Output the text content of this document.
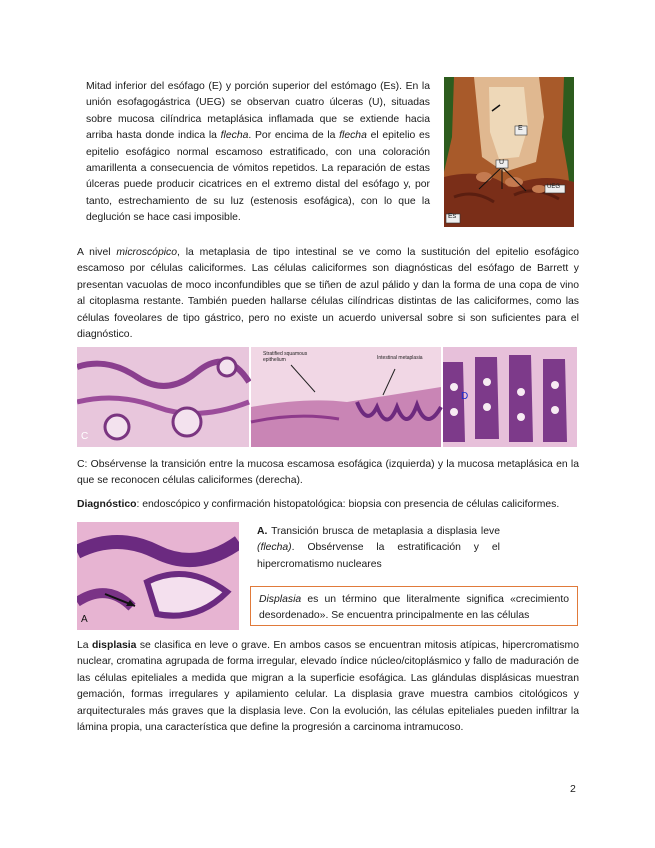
Mitad inferior del esófago (E) y porción superior del estómago (Es). En la unión esofagogástrica (UEG) se observan cuatro úlceras (U), situadas sobre mucosa cilíndrica metaplásica inflamada que se extiende hacia arriba hasta donde indica la flecha. Por encima de la flecha el epitelio es epitelio esofágico normal escamoso estratificado, con una coloración amarillenta a consecuencia de vómitos repetidos. La reparación de estas úlceras puede producir cicatrices en el extremo distal del esófago y, por tanto, estrechamiento de su luz (estenosis esofágica), con lo que la deglución se hace casi imposible.
E
U
UEG
Es
A nivel microscópico, la metaplasia de tipo intestinal se ve como la sustitución del epitelio esofágico escamoso por células caliciformes. Las células caliciformes son diagnósticas del esófago de Barrett y presentan vacuolas de moco inconfundibles que se tiñen de azul pálido y dan la forma de una copa de vino al citoplasma restante. También pueden hallarse células cilíndricas distintas de las caliciformes, como las células foveolares de tipo gástrico, pero no existe un acuerdo universal sobre si son suficientes para el diagnóstico.
C
Stratified squamous epithelium	Intestinal metaplasia
D
C: Obsérvense la transición entre la mucosa escamosa esofágica (izquierda) y la mucosa metaplásica en la que se reconocen células caliciformes (derecha).
Diagnóstico: endoscópico y confirmación histopatológica: biopsia con presencia de células caliciformes.
A
A. Transición brusca de metaplasia a displasia leve (flecha). Obsérvense la estratificación y el hipercromatismo nucleares
Displasia es un término que literalmente significa «crecimiento desordenado». Se encuentra principalmente en las células
La displasia se clasifica en leve o grave. En ambos casos se encuentran mitosis atípicas, hipercromatismo nuclear, cromatina agrupada de forma irregular, elevado índice núcleo/citoplásmico y fallo de maduración de las células epiteliales a medida que migran a la superficie esofágica. Las glándulas displásicas muestran gemación, formas irregulares y apilamiento celular. La displasia grave muestra cambios citológicos y arquitecturales más graves que la displasia leve. Con la evolución, las células epiteliales pueden infiltrar la lámina propia, una característica que define la progresión a carcinoma intramucoso.
2
